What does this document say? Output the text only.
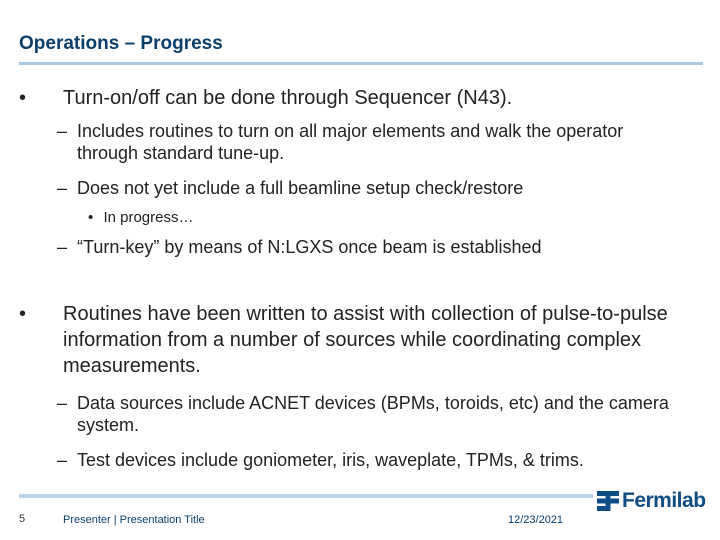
Operations – Progress
• Turn-on/off can be done through Sequencer (N43).
– Includes routines to turn on all major elements and walk the operator through standard tune-up.
– Does not yet include a full beamline setup check/restore
• In progress…
– “Turn-key” by means of N:LGXS once beam is established
• Routines have been written to assist with collection of pulse-to-pulse information from a number of sources while coordinating complex measurements.
– Data sources include ACNET devices (BPMs, toroids, etc) and the camera system.
– Test devices include goniometer, iris, waveplate, TPMs, & trims.
5	Presenter | Presentation Title	12/23/2021
Fermilab
